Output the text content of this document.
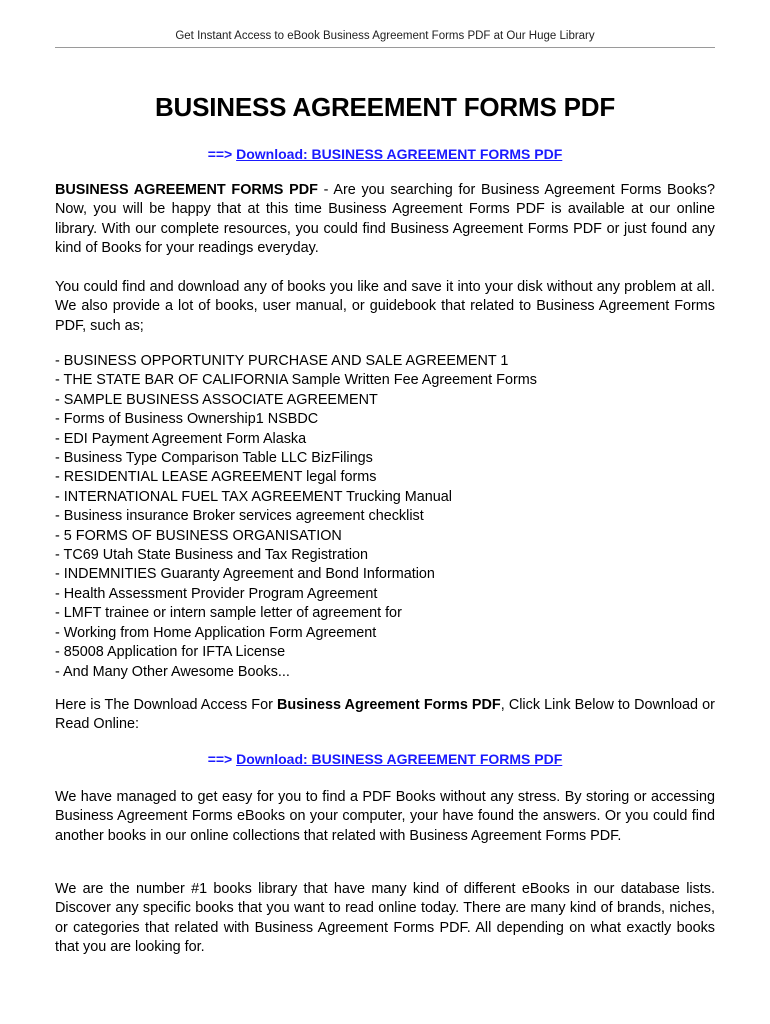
Get Instant Access to eBook Business Agreement Forms PDF at Our Huge Library
BUSINESS AGREEMENT FORMS PDF
==> Download: BUSINESS AGREEMENT FORMS PDF

BUSINESS AGREEMENT FORMS PDF - Are you searching for Business Agreement Forms Books? Now, you will be happy that at this time Business Agreement Forms PDF is available at our online library. With our complete resources, you could find Business Agreement Forms PDF or just found any kind of Books for your readings everyday.

You could find and download any of books you like and save it into your disk without any problem at all. We also provide a lot of books, user manual, or guidebook that related to Business Agreement Forms PDF, such as;

- BUSINESS OPPORTUNITY PURCHASE AND SALE AGREEMENT 1
- THE STATE BAR OF CALIFORNIA Sample Written Fee Agreement Forms
- SAMPLE BUSINESS ASSOCIATE AGREEMENT
- Forms of Business Ownership1 NSBDC
- EDI Payment Agreement Form Alaska
- Business Type Comparison Table LLC BizFilings
- RESIDENTIAL LEASE AGREEMENT legal forms
- INTERNATIONAL FUEL TAX AGREEMENT Trucking Manual
- Business insurance Broker services agreement checklist
- 5 FORMS OF BUSINESS ORGANISATION
- TC69 Utah State Business and Tax Registration
- INDEMNITIES Guaranty Agreement and Bond Information
- Health Assessment Provider Program Agreement
- LMFT trainee or intern sample letter of agreement for
- Working from Home Application Form Agreement
- 85008 Application for IFTA License
- And Many Other Awesome Books...

Here is The Download Access For Business Agreement Forms PDF, Click Link Below to Download or Read Online:

==> Download: BUSINESS AGREEMENT FORMS PDF

We have managed to get easy for you to find a PDF Books without any stress. By storing or accessing Business Agreement Forms eBooks on your computer, your have found the answers. Or you could find another books in our online collections that related with Business Agreement Forms PDF.

We are the number #1 books library that have many kind of different eBooks in our database lists. Discover any specific books that you want to read online today. There are many kind of brands, niches, or categories that related with Business Agreement Forms PDF. All depending on what exactly books that you are looking for.
